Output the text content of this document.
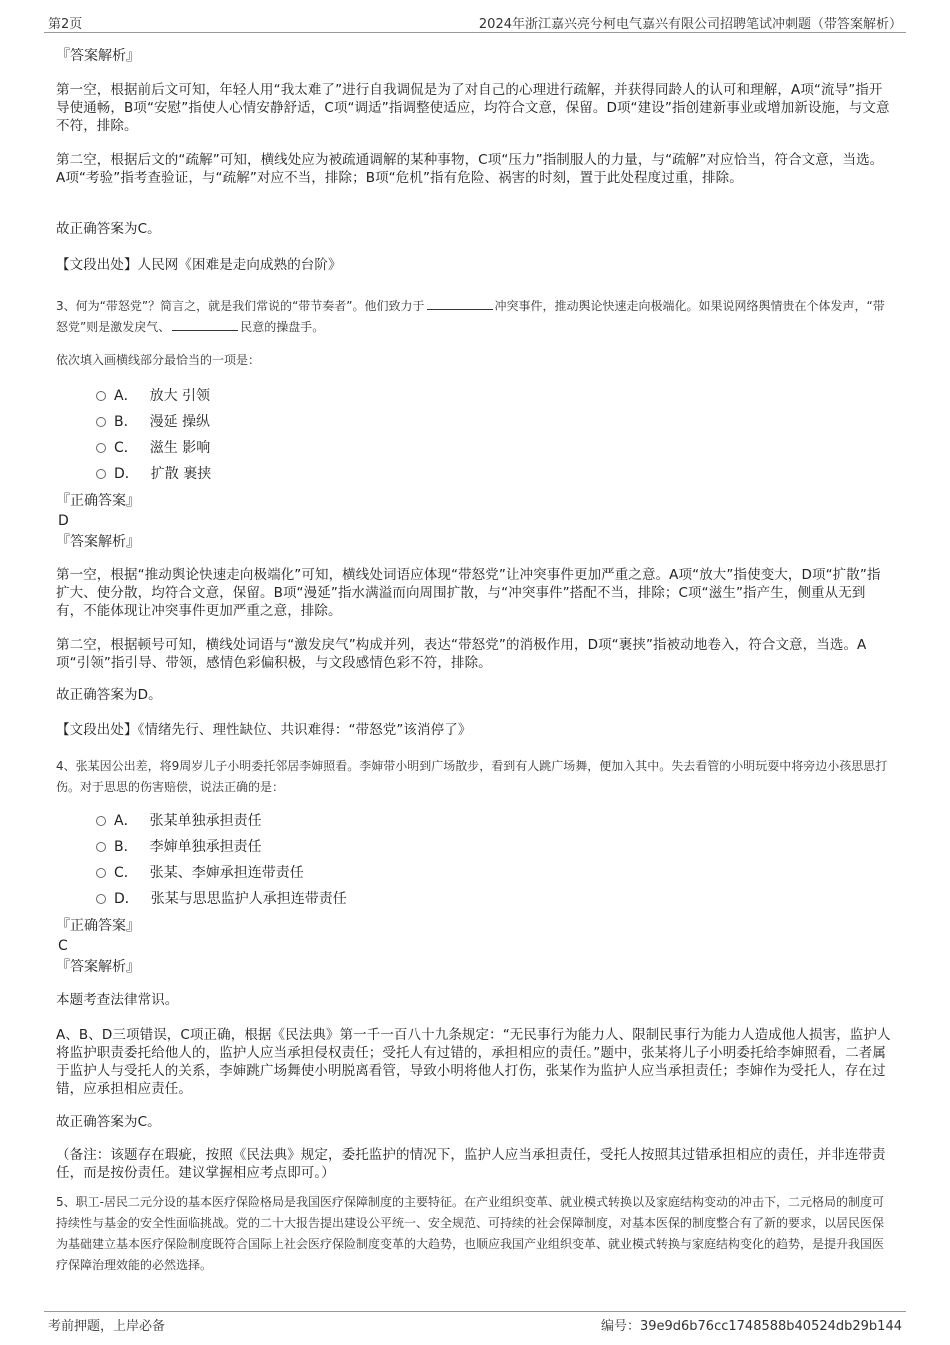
第2页	2024年浙江嘉兴亮兮柯电气嘉兴有限公司招聘笔试冲刺题（带答案解析）
『答案解析』
第一空，根据前后文可知，年轻人用“我太难了”进行自我调侃是为了对自己的心理进行疏解，并获得同龄人的认可和理解，A项“流导”指开导使通畅，B项“安慰”指使人心情安静舒适，C项“调适”指调整使适应，均符合文意，保留。D项“建设”指创建新事业或增加新设施，与文意不符，排除。
第二空，根据后文的“疏解”可知，横线处应为被疏通调解的某种事物，C项“压力”指制服人的力量，与“疏解”对应恰当，符合文意，当选。A项“考验”指考查验证，与“疏解”对应不当，排除；B项“危机”指有危险、祸害的时刻，置于此处程度过重，排除。
故正确答案为C。
【文段出处】人民网《困难是走向成熟的台阶》
3、何为“带怒党”？简言之，就是我们常说的“带节奏者”。他们致力于	冲突事件，推动舆论快速走向极端化。如果说网络舆情贵在个体发声，“带怒党”则是激发戾气、	民意的操盘手。
依次填入画横线部分最恰当的一项是：
A． 放大 引领
B． 漫延 操纵
C． 滋生 影响
D． 扩散 裹挟
『正确答案』
D
『答案解析』
第一空，根据“推动舆论快速走向极端化”可知，横线处词语应体现“带怒党”让冲突事件更加严重之意。A项“放大”指使变大，D项“扩散”指扩大、使分散，均符合文意，保留。B项“漫延”指水满溢而向周围扩散，与“冲突事件”搭配不当，排除；C项“滋生”指产生，侧重从无到有，不能体现让冲突事件更加严重之意，排除。
第二空，根据顿号可知，横线处词语与“激发戾气”构成并列，表达“带怒党”的消极作用，D项“裹挟”指被动地卷入，符合文意，当选。A项“引领”指引导、带领，感情色彩偏积极，与文段感情色彩不符，排除。
故正确答案为D。
【文段出处】《情绪先行、理性缺位、共识难得：“带怒党”该消停了》
4、张某因公出差，将9周岁儿子小明委托邻居李婶照看。李婶带小明到广场散步，看到有人跳广场舞，便加入其中。失去看管的小明玩耍中将旁边小孩思思打伤。对于思思的伤害赔偿，说法正确的是：
A． 张某单独承担责任
B． 李婶单独承担责任
C． 张某、李婶承担连带责任
D． 张某与思思监护人承担连带责任
『正确答案』
C
『答案解析』
本题考查法律常识。
A、B、D三项错误，C项正确，根据《民法典》第一千一百八十九条规定：“无民事行为能力人、限制民事行为能力人造成他人损害，监护人将监护职责委托给他人的，监护人应当承担侵权责任；受托人有过错的，承担相应的责任。”题中，张某将儿子小明委托给李婶照看，二者属于监护人与受托人的关系，李婶跳广场舞使小明脱离看管，导致小明将他人打伤，张某作为监护人应当承担责任；李婶作为受托人，存在过错，应承担相应责任。
故正确答案为C。
（备注：该题存在瑕疵，按照《民法典》规定，委托监护的情况下，监护人应当承担责任，受托人按照其过错承担相应的责任，并非连带责任，而是按份责任。建议掌握相应考点即可。）
5、职工-居民二元分设的基本医疗保险格局是我国医疗保障制度的主要特征。在产业组织变革、就业模式转换以及家庭结构变动的冲击下，二元格局的制度可持续性与基金的安全性面临挑战。党的二十大报告提出建设公平统一、安全规范、可持续的社会保障制度，对基本医保的制度整合有了新的要求，以居民医保为基础建立基本医疗保险制度既符合国际上社会医疗保险制度变革的大趋势，也顺应我国产业组织变革、就业模式转换与家庭结构变化的趋势，是提升我国医疗保障治理效能的必然选择。
考前押题，上岸必备	编号：39e9d6b76cc1748588b40524db29b144
